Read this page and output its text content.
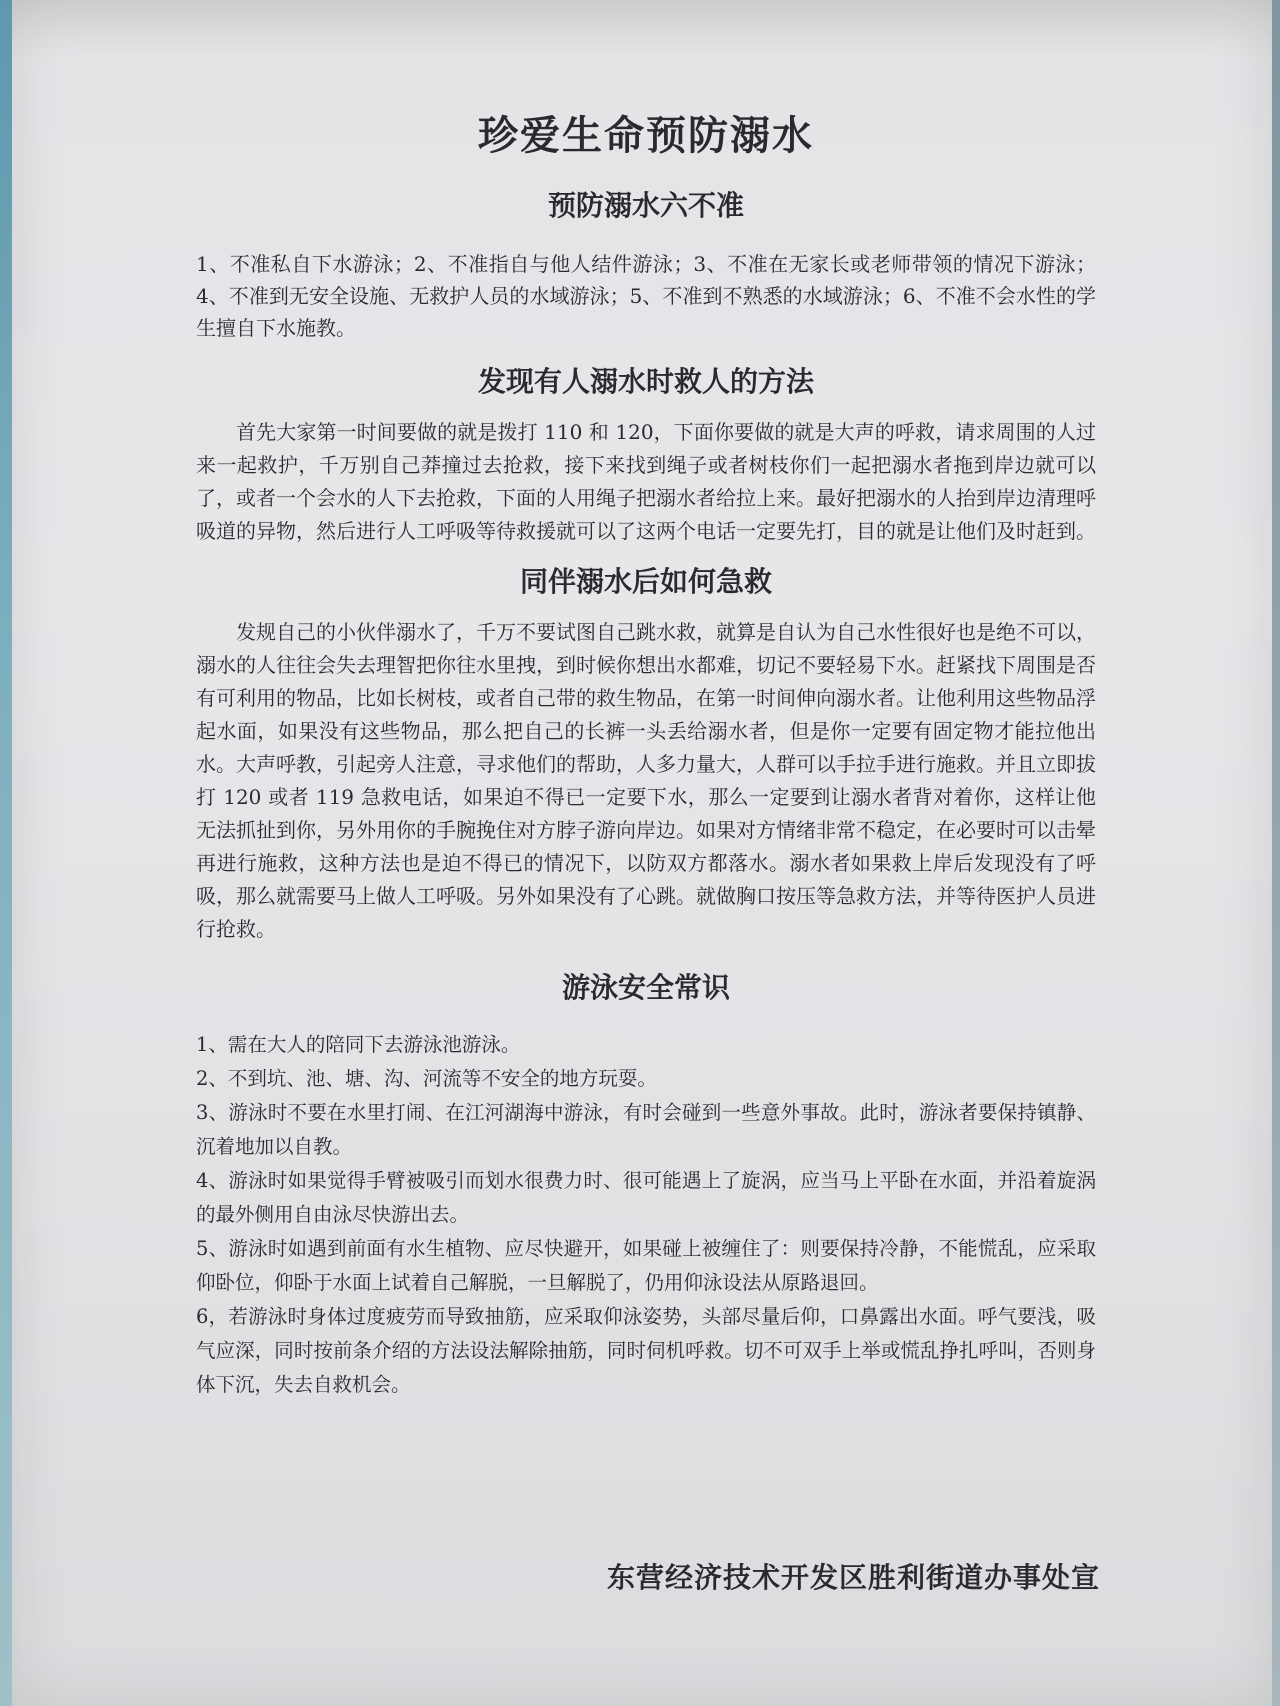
珍爱生命预防溺水
预防溺水六不准

1、不准私自下水游泳；2、不准指自与他人结件游泳；3、不准在无家长或老师带领的情况下游泳；4、不准到无安全设施、无救护人员的水域游泳；5、不准到不熟悉的水域游泳；6、不准不会水性的学生擅自下水施教。

发现有人溺水时救人的方法

首先大家第一时间要做的就是拨打 110 和 120，下面你要做的就是大声的呼救，请求周围的人过来一起救护，千万别自己莽撞过去抢救，接下来找到绳子或者树枝你们一起把溺水者拖到岸边就可以了，或者一个会水的人下去抢救，下面的人用绳子把溺水者给拉上来。最好把溺水的人抬到岸边清理呼吸道的异物，然后进行人工呼吸等待救援就可以了这两个电话一定要先打，目的就是让他们及时赶到。

同伴溺水后如何急救

发规自己的小伙伴溺水了，千万不要试图自己跳水救，就算是自认为自己水性很好也是绝不可以，溺水的人往往会失去理智把你往水里拽，到时候你想出水都难，切记不要轻易下水。赶紧找下周围是否有可利用的物品，比如长树枝，或者自己带的救生物品，在第一时间伸向溺水者。让他利用这些物品浮起水面，如果没有这些物品，那么把自己的长裤一头丢给溺水者，但是你一定要有固定物才能拉他出水。大声呼教，引起旁人注意，寻求他们的帮助，人多力量大，人群可以手拉手进行施救。并且立即拔打 120 或者 119 急救电话，如果迫不得已一定要下水，那么一定要到让溺水者背对着你，这样让他无法抓扯到你，另外用你的手腕挽住对方脖子游向岸边。如果对方情绪非常不稳定，在必要时可以击晕再进行施救，这种方法也是迫不得已的情况下，以防双方都落水。溺水者如果救上岸后发现没有了呼吸，那么就需要马上做人工呼吸。另外如果没有了心跳。就做胸口按压等急救方法，并等待医护人员进行抢救。

游泳安全常识

1、需在大人的陪同下去游泳池游泳。

2、不到坑、池、塘、沟、河流等不安全的地方玩耍。

3、游泳时不要在水里打闹、在江河湖海中游泳，有时会碰到一些意外事故。此时，游泳者要保持镇静、沉着地加以自教。

4、游泳时如果觉得手臂被吸引而划水很费力时、很可能遇上了旋涡，应当马上平卧在水面，并沿着旋涡的最外侧用自由泳尽快游出去。

5、游泳时如遇到前面有水生植物、应尽快避开，如果碰上被缠住了：则要保持冷静，不能慌乱，应采取仰卧位，仰卧于水面上试着自己解脱，一旦解脱了，仍用仰泳设法从原路退回。

6，若游泳时身体过度疲劳而导致抽筋，应采取仰泳姿势，头部尽量后仰，口鼻露出水面。呼气要浅，吸气应深，同时按前条介绍的方法设法解除抽筋，同时伺机呼救。切不可双手上举或慌乱挣扎呼叫，否则身体下沉，失去自救机会。

东营经济技术开发区胜利街道办事处宣
